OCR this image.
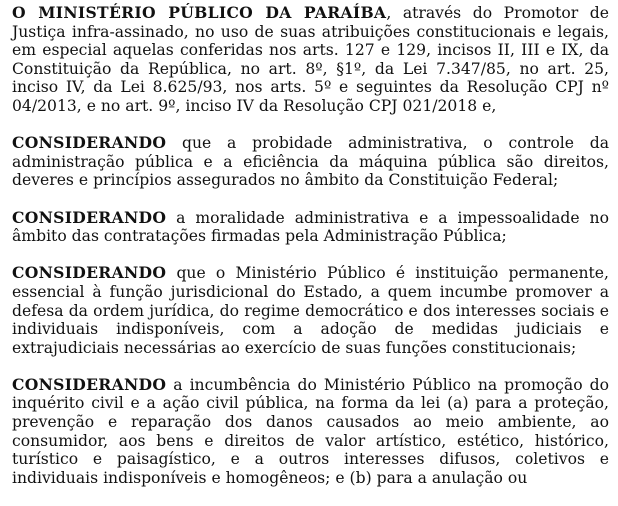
O MINISTÉRIO PÚBLICO DA PARAÍBA, através do Promotor de Justiça infra-assinado, no uso de suas atribuições constitucionais e legais, em especial aquelas conferidas nos arts. 127 e 129, incisos II, III e IX, da Constituição da República, no art. 8º, §1º, da Lei 7.347/85, no art. 25, inciso IV, da Lei 8.625/93, nos arts. 5º e seguintes da Resolução CPJ nº 04/2013, e no art. 9º, inciso IV da Resolução CPJ 021/2018 e,

CONSIDERANDO que a probidade administrativa, o controle da administração pública e a eficiência da máquina pública são direitos, deveres e princípios assegurados no âmbito da Constituição Federal;

CONSIDERANDO a moralidade administrativa e a impessoalidade no âmbito das contratações firmadas pela Administração Pública;

CONSIDERANDO que o Ministério Público é instituição permanente, essencial à função jurisdicional do Estado, a quem incumbe promover a defesa da ordem jurídica, do regime democrático e dos interesses sociais e individuais indisponíveis, com a adoção de medidas judiciais e extrajudiciais necessárias ao exercício de suas funções constitucionais;

CONSIDERANDO a incumbência do Ministério Público na promoção do inquérito civil e a ação civil pública, na forma da lei (a) para a proteção, prevenção e reparação dos danos causados ao meio ambiente, ao consumidor, aos bens e direitos de valor artístico, estético, histórico, turístico e paisagístico, e a outros interesses difusos, coletivos e individuais indisponíveis e homogêneos; e (b) para a anulação ou
